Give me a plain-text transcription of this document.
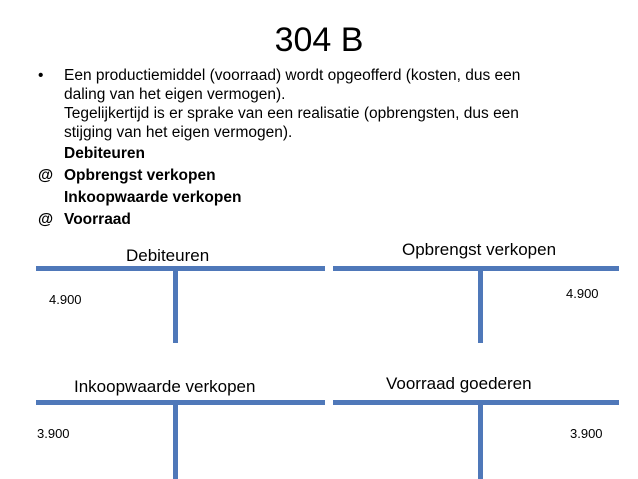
304 B
• Een productiemiddel (voorraad) wordt opgeofferd (kosten, dus een
daling van het eigen vermogen).
Tegelijkertijd is er sprake van een realisatie (opbrengsten, dus een
stijging van het eigen vermogen).
Debiteuren
@ Opbrengst verkopen
Inkoopwaarde verkopen
@ Voorraad
Debiteuren
4.900
Opbrengst verkopen
4.900
Inkoopwaarde verkopen
3.900
Voorraad goederen
3.900
